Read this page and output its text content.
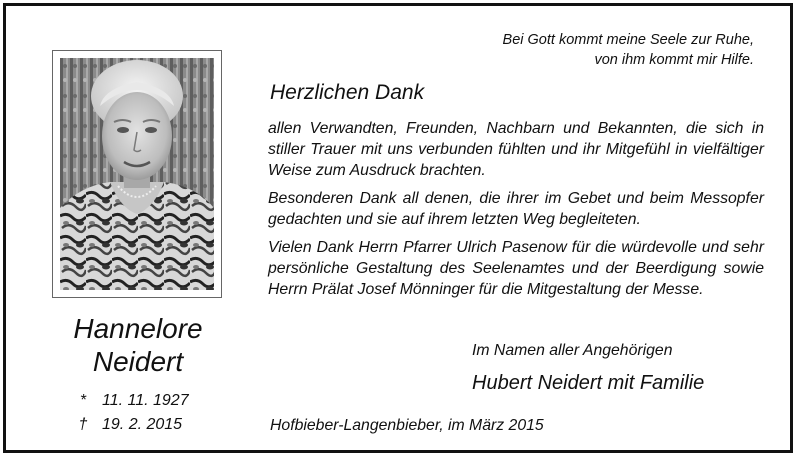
Bei Gott kommt meine Seele zur Ruhe,
von ihm kommt mir Hilfe.
Hannelore
Neidert
* 11. 11. 1927
† 19. 2. 2015
Herzlichen Dank

allen Verwandten, Freunden, Nachbarn und Bekannten, die sich in stiller Trauer mit uns verbunden fühlten und ihr Mitgefühl in vielfältiger Weise zum Ausdruck brachten.

Besonderen Dank all denen, die ihrer im Gebet und beim Messopfer gedachten und sie auf ihrem letzten Weg begleiteten.

Vielen Dank Herrn Pfarrer Ulrich Pasenow für die würdevolle und sehr persönliche Gestaltung des Seelenamtes und der Beerdigung sowie Herrn Prälat Josef Mönninger für die Mitgestaltung der Messe.

Im Namen aller Angehörigen
Hubert Neidert mit Familie
Hofbieber-Langenbieber, im März 2015
